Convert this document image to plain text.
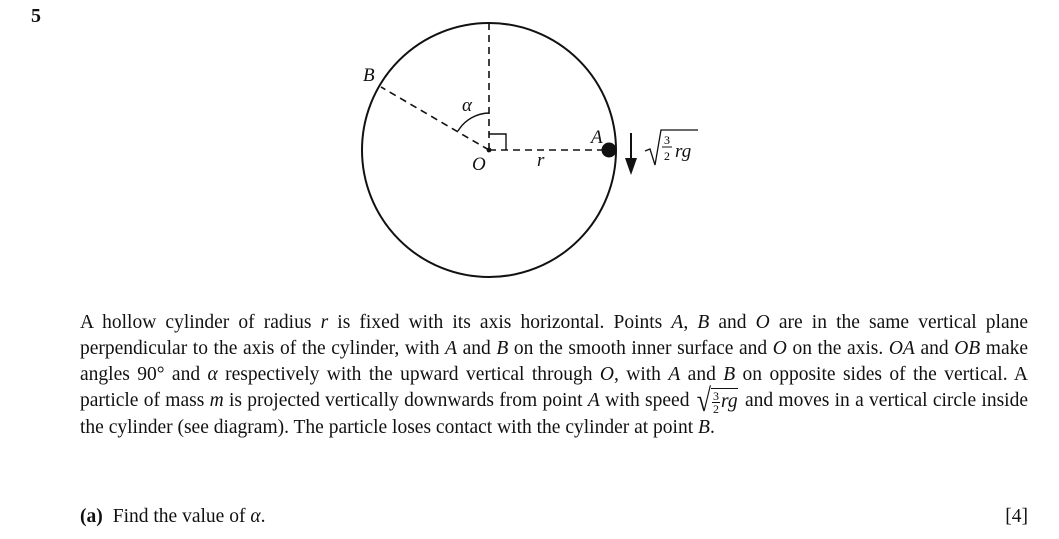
5
B
α
O	r
A	3
2 rg
A hollow cylinder of radius r is fixed with its axis horizontal. Points A, B and O are in the same vertical plane perpendicular to the axis of the cylinder, with A and B on the smooth inner surface and O on the axis. OA and OB make angles 90° and α respectively with the upward vertical through O, with A and B on opposite sides of the vertical. A particle of mass m is projected vertically downwards from point A with speed √ $\frac{3}{2}$ rg and moves in a vertical circle inside the cylinder (see diagram). The particle loses contact with the cylinder at point B.
(a) Find the value of α.	[4]
